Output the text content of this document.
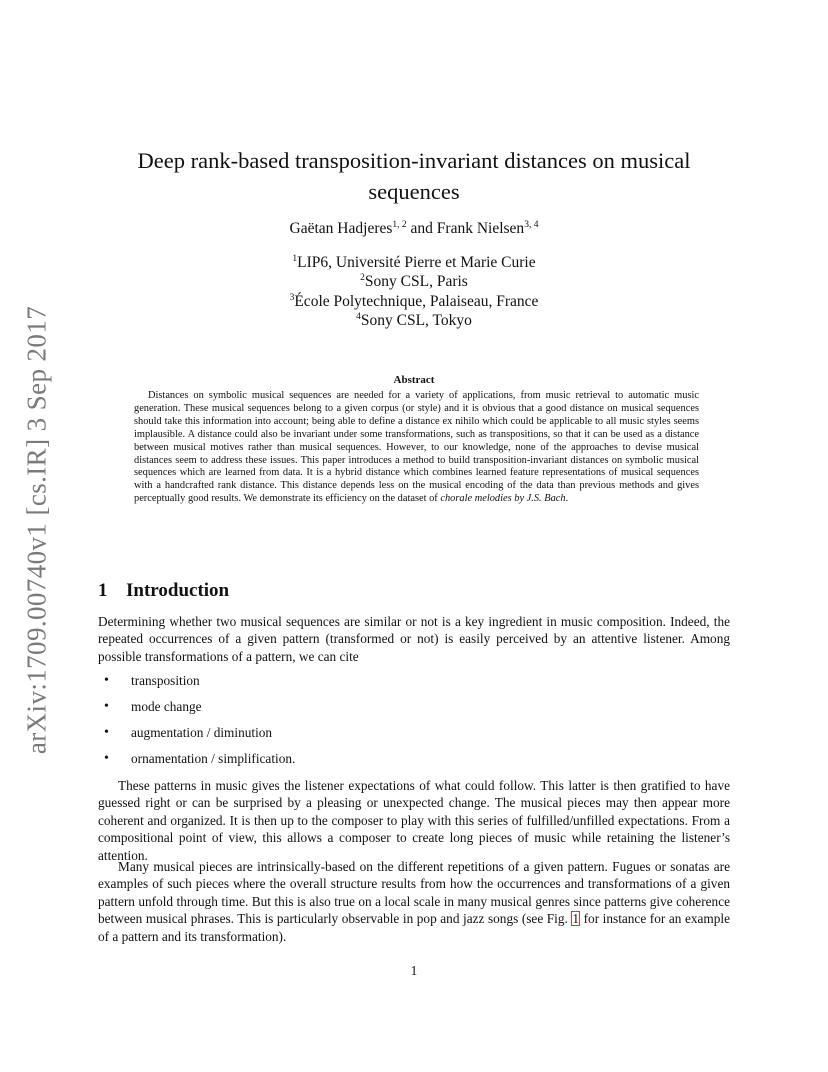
arXiv:1709.00740v1 [cs.IR] 3 Sep 2017
Deep rank-based transposition-invariant distances on musical sequences
Gaëtan Hadjeres$^{1, 2}$ and Frank Nielsen$^{3, 4}$
$^1$LIP6, Université Pierre et Marie Curie
$^2$Sony CSL, Paris
$^3$École Polytechnique, Palaiseau, France
$^4$Sony CSL, Tokyo
Abstract

Distances on symbolic musical sequences are needed for a variety of applications, from music retrieval to automatic music generation. These musical sequences belong to a given corpus (or style) and it is obvious that a good distance on musical sequences should take this information into account; being able to define a distance ex nihilo which could be applicable to all music styles seems implausible. A distance could also be invariant under some transformations, such as transpositions, so that it can be used as a distance between musical motives rather than musical sequences. However, to our knowledge, none of the approaches to devise musical distances seem to address these issues. This paper introduces a method to build transposition-invariant distances on symbolic musical sequences which are learned from data. It is a hybrid distance which combines learned feature representations of musical sequences with a handcrafted rank distance. This distance depends less on the musical encoding of the data than previous methods and gives perceptually good results. We demonstrate its efficiency on the dataset of chorale melodies by J.S. Bach.

1 Introduction

Determining whether two musical sequences are similar or not is a key ingredient in music composition. Indeed, the repeated occurrences of a given pattern (transformed or not) is easily perceived by an attentive listener. Among possible transformations of a pattern, we can cite

• transposition
• mode change
• augmentation / diminution
• ornamentation / simplification.

These patterns in music gives the listener expectations of what could follow. This latter is then gratified to have guessed right or can be surprised by a pleasing or unexpected change. The musical pieces may then appear more coherent and organized. It is then up to the composer to play with this series of fulfilled/unfilled expectations. From a compositional point of view, this allows a composer to create long pieces of music while retaining the listener’s attention.

Many musical pieces are intrinsically-based on the different repetitions of a given pattern. Fugues or sonatas are examples of such pieces where the overall structure results from how the occurrences and transformations of a given pattern unfold through time. But this is also true on a local scale in many musical genres since patterns give coherence between musical phrases. This is particularly observable in pop and jazz songs (see Fig. 1 for instance for an example of a pattern and its transformation).

1
